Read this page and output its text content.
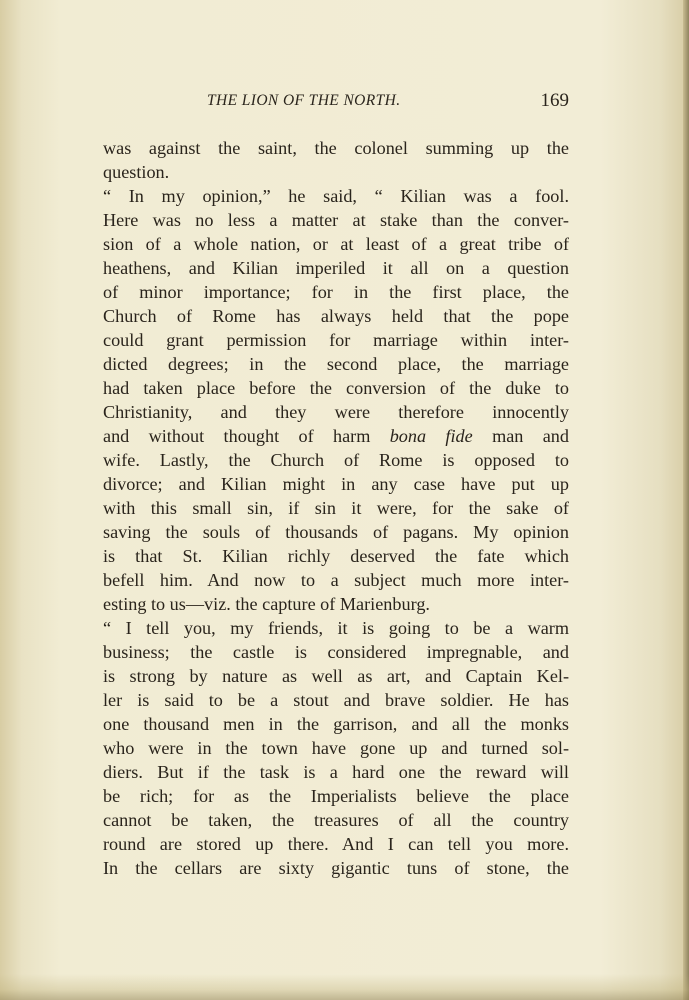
THE LION OF THE NORTH.	169
was against the saint, the colonel summing up the
question.
“ In my opinion,” he said, “ Kilian was a fool.
Here was no less a matter at stake than the conver-
sion of a whole nation, or at least of a great tribe of
heathens, and Kilian imperiled it all on a question
of minor importance; for in the first place, the
Church of Rome has always held that the pope
could grant permission for marriage within inter-
dicted degrees; in the second place, the marriage
had taken place before the conversion of the duke to
Christianity, and they were therefore innocently
and without thought of harm bona fide man and
wife. Lastly, the Church of Rome is opposed to
divorce; and Kilian might in any case have put up
with this small sin, if sin it were, for the sake of
saving the souls of thousands of pagans. My opinion
is that St. Kilian richly deserved the fate which
befell him. And now to a subject much more inter-
esting to us—viz. the capture of Marienburg.
“ I tell you, my friends, it is going to be a warm
business; the castle is considered impregnable, and
is strong by nature as well as art, and Captain Kel-
ler is said to be a stout and brave soldier. He has
one thousand men in the garrison, and all the monks
who were in the town have gone up and turned sol-
diers. But if the task is a hard one the reward will
be rich; for as the Imperialists believe the place
cannot be taken, the treasures of all the country
round are stored up there. And I can tell you more.
In the cellars are sixty gigantic tuns of stone, the
